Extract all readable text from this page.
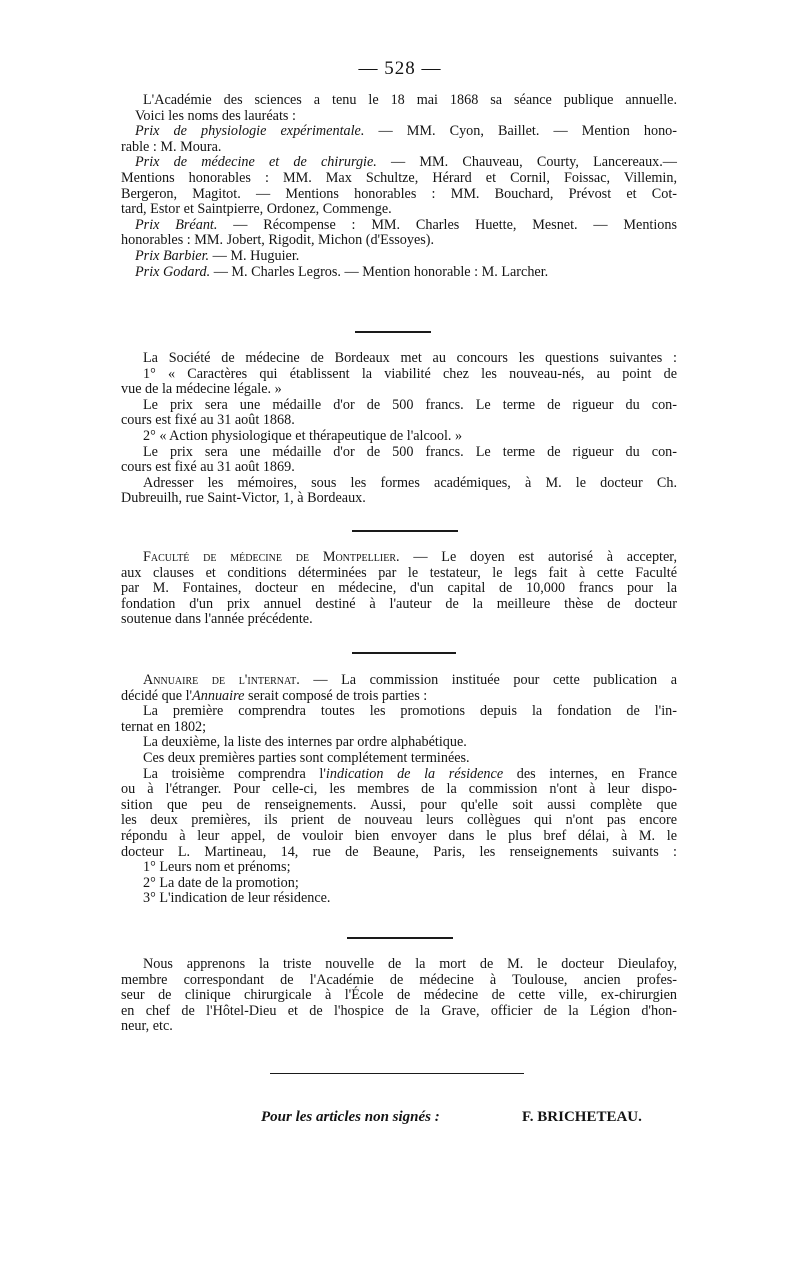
— 528 —
L'Académie des sciences a tenu le 18 mai 1868 sa séance publique annuelle.
Voici les noms des lauréats :
Prix de physiologie expérimentale. — MM. Cyon, Baillet. — Mention hono-
rable : M. Moura.
Prix de médecine et de chirurgie. — MM. Chauveau, Courty, Lancereaux.—
Mentions honorables : MM. Max Schultze, Hérard et Cornil, Foissac, Villemin,
Bergeron, Magitot. — Mentions honorables : MM. Bouchard, Prévost et Cot-
tard, Estor et Saintpierre, Ordonez, Commenge.
Prix Bréant. — Récompense : MM. Charles Huette, Mesnet. — Mentions
honorables : MM. Jobert, Rigodit, Michon (d'Essoyes).
Prix Barbier. — M. Huguier.
Prix Godard. — M. Charles Legros. — Mention honorable : M. Larcher.
La Société de médecine de Bordeaux met au concours les questions suivantes :
1° « Caractères qui établissent la viabilité chez les nouveau-nés, au point de
vue de la médecine légale. »
Le prix sera une médaille d'or de 500 francs. Le terme de rigueur du con-
cours est fixé au 31 août 1868.
2° « Action physiologique et thérapeutique de l'alcool. »
Le prix sera une médaille d'or de 500 francs. Le terme de rigueur du con-
cours est fixé au 31 août 1869.
Adresser les mémoires, sous les formes académiques, à M. le docteur Ch.
Dubreuilh, rue Saint-Victor, 1, à Bordeaux.
Faculté de médecine de Montpellier. — Le doyen est autorisé à accepter,
aux clauses et conditions déterminées par le testateur, le legs fait à cette Faculté
par M. Fontaines, docteur en médecine, d'un capital de 10,000 francs pour la
fondation d'un prix annuel destiné à l'auteur de la meilleure thèse de docteur
soutenue dans l'année précédente.
Annuaire de l'internat. — La commission instituée pour cette publication a
décidé que l'Annuaire serait composé de trois parties :
La première comprendra toutes les promotions depuis la fondation de l'in-
ternat en 1802;
La deuxième, la liste des internes par ordre alphabétique.
Ces deux premières parties sont complétement terminées.
La troisième comprendra l'indication de la résidence des internes, en France
ou à l'étranger. Pour celle-ci, les membres de la commission n'ont à leur dispo-
sition que peu de renseignements. Aussi, pour qu'elle soit aussi complète que
les deux premières, ils prient de nouveau leurs collègues qui n'ont pas encore
répondu à leur appel, de vouloir bien envoyer dans le plus bref délai, à M. le
docteur L. Martineau, 14, rue de Beaune, Paris, les renseignements suivants :
1° Leurs nom et prénoms;
2° La date de la promotion;
3° L'indication de leur résidence.
Nous apprenons la triste nouvelle de la mort de M. le docteur Dieulafoy,
membre correspondant de l'Académie de médecine à Toulouse, ancien profes-
seur de clinique chirurgicale à l'École de médecine de cette ville, ex-chirurgien
en chef de l'Hôtel-Dieu et de l'hospice de la Grave, officier de la Légion d'hon-
neur, etc.
Pour les articles non signés :	F. BRICHETEAU.
